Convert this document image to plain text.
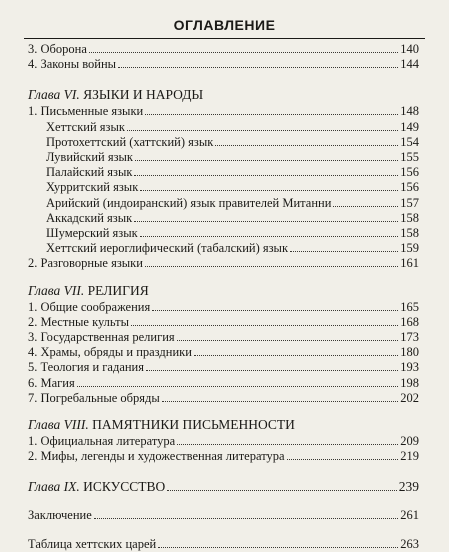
ОГЛАВЛЕНИЕ
3. Оборона	140
4. Законы войны	144
Глава VI. ЯЗЫКИ И НАРОДЫ
1. Письменные языки	148
Хеттский язык	149
Протохеттский (хаттский) язык	154
Лувийский язык	155
Палайский язык	156
Хурритский язык	156
Арийский (индоиранский) язык правителей Митанни	157
Аккадский язык	158
Шумерский язык	158
Хеттский иероглифический (табалский) язык	159
2. Разговорные языки	161
Глава VII. РЕЛИГИЯ
1. Общие соображения	165
2. Местные культы	168
3. Государственная религия	173
4. Храмы, обряды и праздники	180
5. Теология и гадания	193
6. Магия	198
7. Погребальные обряды	202
Глава VIII. ПАМЯТНИКИ ПИСЬМЕННОСТИ
1. Официальная литература	209
2. Мифы, легенды и художественная литература	219
Глава IX. ИСКУССТВО	239
Заключение	261
Таблица хеттских царей	263
